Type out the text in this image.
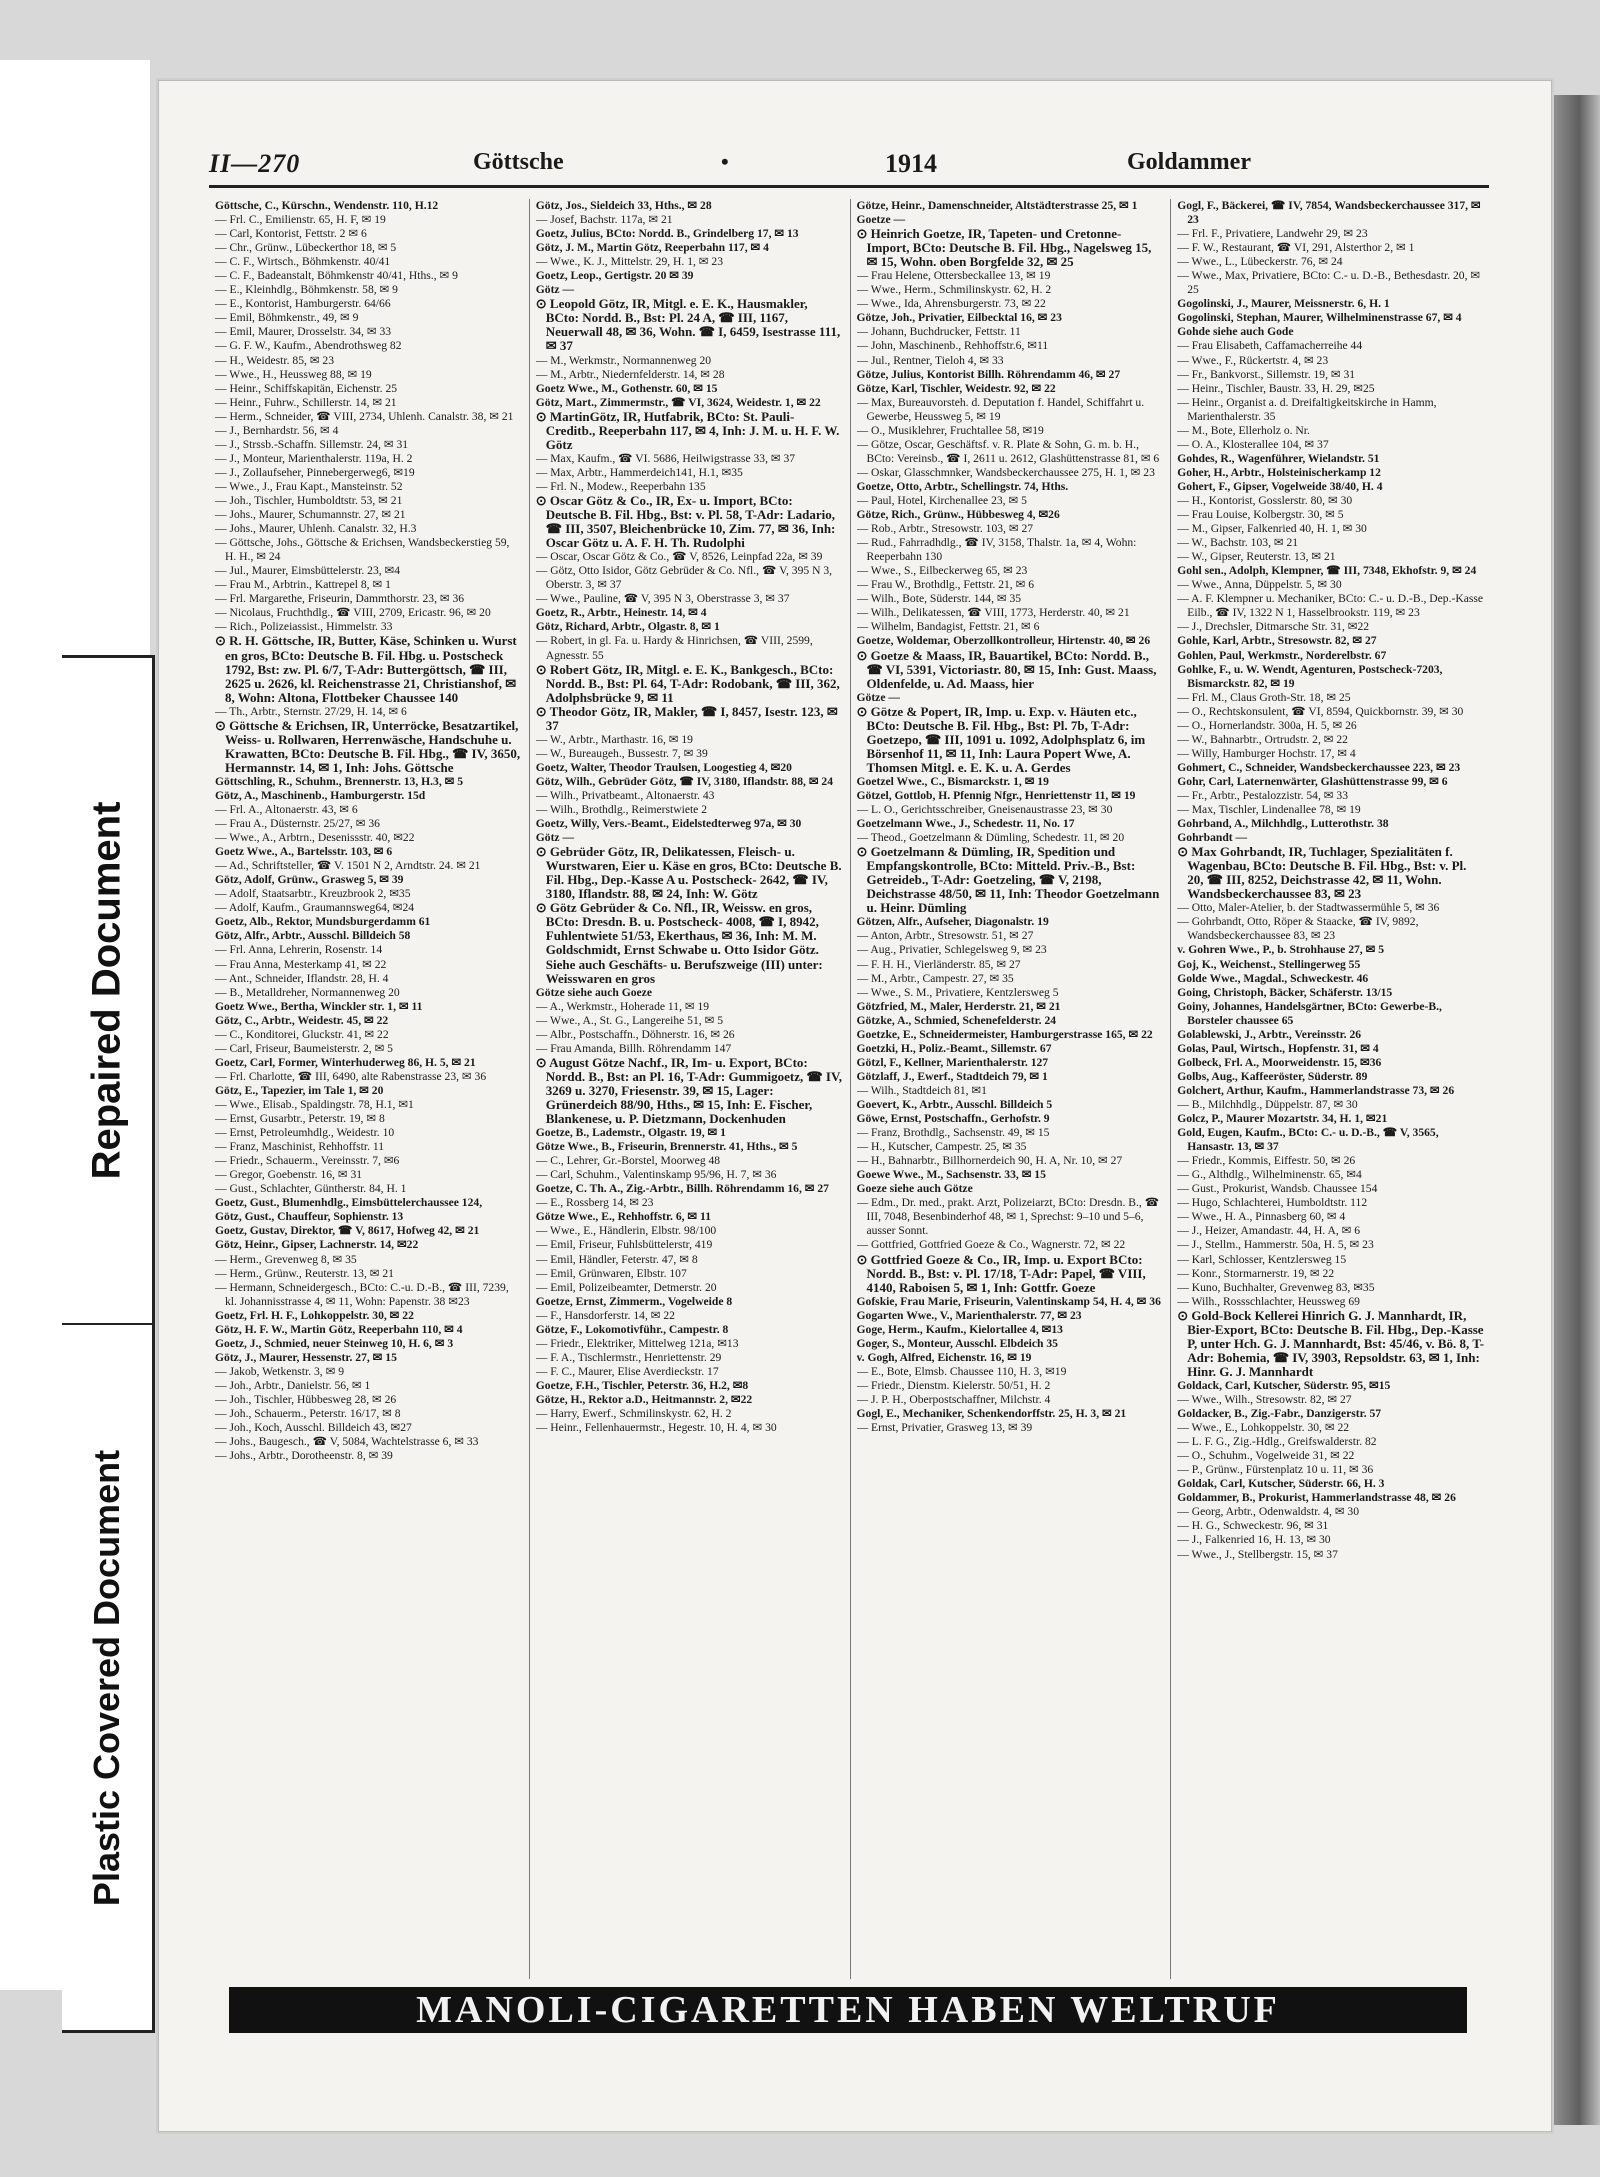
Repaired Document
Plastic Covered Document
II—270	Göttsche	•	1914	Goldammer

Göttsche, C., Kürschn., Wendenstr. 110, H.12

— Frl. C., Emilienstr. 65, H. F, ✉ 19

— Carl, Kontorist, Fettstr. 2 ✉ 6

— Chr., Grünw., Lübeckerthor 18, ✉ 5

— C. F., Wirtsch., Böhmkenstr. 40/41

— C. F., Badeanstalt, Böhmkenstr 40/41, Hths., ✉ 9

— E., Kleinhdlg., Böhmkenstr. 58, ✉ 9

— E., Kontorist, Hamburgerstr. 64/66

— Emil, Böhmkenstr., 49, ✉ 9

— Emil, Maurer, Drosselstr. 34, ✉ 33

— G. F. W., Kaufm., Abendrothsweg 82

— H., Weidestr. 85, ✉ 23

— Wwe., H., Heussweg 88, ✉ 19

— Heinr., Schiffskapitän, Eichenstr. 25

— Heinr., Fuhrw., Schillerstr. 14, ✉ 21

— Herm., Schneider, ☎ VIII, 2734, Uhlenh. Canalstr. 38, ✉ 21

— J., Bernhardstr. 56, ✉ 4

— J., Strssb.-Schaffn. Sillemstr. 24, ✉ 31

— J., Monteur, Marienthalerstr. 119a, H. 2

— J., Zollaufseher, Pinnebergerweg6, ✉19

— Wwe., J., Frau Kapt., Mansteinstr. 52

— Joh., Tischler, Humboldtstr. 53, ✉ 21

— Johs., Maurer, Schumannstr. 27, ✉ 21

— Johs., Maurer, Uhlenh. Canalstr. 32, H.3

— Göttsche, Johs., Göttsche & Erichsen, Wandsbeckerstieg 59, H. H., ✉ 24

— Jul., Maurer, Eimsbüttelerstr. 23, ✉4

— Frau M., Arbtrin., Kattrepel 8, ✉ 1

— Frl. Margarethe, Friseurin, Dammthorstr. 23, ✉ 36

— Nicolaus, Fruchthdlg., ☎ VIII, 2709, Ericastr. 96, ✉ 20

— Rich., Polizeiassist., Himmelstr. 33

⊙ R. H. Göttsche, IR, Butter, Käse, Schinken u. Wurst en gros, BCto: Deutsche B. Fil. Hbg. u. Postscheck 1792, Bst: zw. Pl. 6/7, T-Adr: Buttergöttsch, ☎ III, 2625 u. 2626, kl. Reichenstrasse 21, Christianshof, ✉ 8, Wohn: Altona, Flottbeker Chaussee 140

— Th., Arbtr., Sternstr. 27/29, H. 14, ✉ 6

⊙ Göttsche & Erichsen, IR, Unterröcke, Besatzartikel, Weiss- u. Rollwaren, Herrenwäsche, Handschuhe u. Krawatten, BCto: Deutsche B. Fil. Hbg., ☎ IV, 3650, Hermannstr. 14, ✉ 1, Inh: Johs. Göttsche

Göttschling, R., Schuhm., Brennerstr. 13, H.3, ✉ 5

Götz, A., Maschinenb., Hamburgerstr. 15d

— Frl. A., Altonaerstr. 43, ✉ 6

— Frau A., Düsternstr. 25/27, ✉ 36

— Wwe., A., Arbtrn., Desenissstr. 40, ✉22

Goetz Wwe., A., Bartelsstr. 103, ✉ 6

— Ad., Schriftsteller, ☎ V. 1501 N 2, Arndtstr. 24. ✉ 21

Götz, Adolf, Grünw., Grasweg 5, ✉ 39

— Adolf, Staatsarbtr., Kreuzbrook 2, ✉35

— Adolf, Kaufm., Graumannsweg64, ✉24

Goetz, Alb., Rektor, Mundsburgerdamm 61

Götz, Alfr., Arbtr., Ausschl. Billdeich 58

— Frl. Anna, Lehrerin, Rosenstr. 14

— Frau Anna, Mesterkamp 41, ✉ 22

— Ant., Schneider, Iflandstr. 28, H. 4

— B., Metalldreher, Normannenweg 20

Goetz Wwe., Bertha, Winckler str. 1, ✉ 11

Götz, C., Arbtr., Weidestr. 45, ✉ 22

— C., Konditorei, Gluckstr. 41, ✉ 22

— Carl, Friseur, Baumeisterstr. 2, ✉ 5

Goetz, Carl, Former, Winterhuderweg 86, H. 5, ✉ 21

— Frl. Charlotte, ☎ III, 6490, alte Rabenstrasse 23, ✉ 36

Götz, E., Tapezier, im Tale 1, ✉ 20

— Wwe., Elisab., Spaldingstr. 78, H.1, ✉1

— Ernst, Gusarbtr., Peterstr. 19, ✉ 8

— Ernst, Petroleumhdlg., Weidestr. 10

— Franz, Maschinist, Rehhoffstr. 11

— Friedr., Schauerm., Vereinsstr. 7, ✉6

— Gregor, Goebenstr. 16, ✉ 31

— Gust., Schlachter, Güntherstr. 84, H. 1

Goetz, Gust., Blumenhdlg., Eimsbüttelerchaussee 124,

Götz, Gust., Chauffeur, Sophienstr. 13

Goetz, Gustav, Direktor, ☎ V, 8617, Hofweg 42, ✉ 21

Götz, Heinr., Gipser, Lachnerstr. 14, ✉22

— Herm., Grevenweg 8, ✉ 35

— Herm., Grünw., Reuterstr. 13, ✉ 21

— Hermann, Schneidergesch., BCto: C.-u. D.-B., ☎ III, 7239, kl. Johannisstrasse 4, ✉ 11, Wohn: Papenstr. 38 ✉23

Goetz, Frl. H. F., Lohkoppelstr. 30, ✉ 22

Götz, H. F. W., Martin Götz, Reeperbahn 110, ✉ 4

Goetz, J., Schmied, neuer Steinweg 10, H. 6, ✉ 3

Götz, J., Maurer, Hessenstr. 27, ✉ 15

— Jakob, Wetkenstr. 3, ✉ 9

— Joh., Arbtr., Danielstr. 56, ✉ 1

— Joh., Tischler, Hübbesweg 28, ✉ 26

— Joh., Schauerm., Peterstr. 16/17, ✉ 8

— Joh., Koch, Ausschl. Billdeich 43, ✉27

— Johs., Baugesch., ☎ V, 5084, Wachtelstrasse 6, ✉ 33

— Johs., Arbtr., Dorotheenstr. 8, ✉ 39

Götz, Jos., Sieldeich 33, Hths., ✉ 28

— Josef, Bachstr. 117a, ✉ 21

Goetz, Julius, BCto: Nordd. B., Grindelberg 17, ✉ 13

Götz, J. M., Martin Götz, Reeperbahn 117, ✉ 4

— Wwe., K. J., Mittelstr. 29, H. 1, ✉ 23

Goetz, Leop., Gertigstr. 20 ✉ 39

Götz —

⊙ Leopold Götz, IR, Mitgl. e. E. K., Hausmakler, BCto: Nordd. B., Bst: Pl. 24 A, ☎ III, 1167, Neuerwall 48, ✉ 36, Wohn. ☎ I, 6459, Isestrasse 111, ✉ 37

— M., Werkmstr., Normannenweg 20

— M., Arbtr., Niedernfelderstr. 14, ✉ 28

Goetz Wwe., M., Gothenstr. 60, ✉ 15

Götz, Mart., Zimmermstr., ☎ VI, 3624, Weidestr. 1, ✉ 22

⊙ MartinGötz, IR, Hutfabrik, BCto: St. Pauli-Creditb., Reeperbahn 117, ✉ 4, Inh: J. M. u. H. F. W. Götz

— Max, Kaufm., ☎ VI. 5686, Heilwigstrasse 33, ✉ 37

— Max, Arbtr., Hammerdeich141, H.1, ✉35

— Frl. N., Modew., Reeperbahn 135

⊙ Oscar Götz & Co., IR, Ex- u. Import, BCto: Deutsche B. Fil. Hbg., Bst: v. Pl. 58, T-Adr: Ladario, ☎ III, 3507, Bleichenbrücke 10, Zim. 77, ✉ 36, Inh: Oscar Götz u. A. F. H. Th. Rudolphi

— Oscar, Oscar Götz & Co., ☎ V, 8526, Leinpfad 22a, ✉ 39

— Götz, Otto Isidor, Götz Gebrüder & Co. Nfl., ☎ V, 395 N 3, Oberstr. 3, ✉ 37

— Wwe., Pauline, ☎ V, 395 N 3, Oberstrasse 3, ✉ 37

Goetz, R., Arbtr., Heinestr. 14, ✉ 4

Götz, Richard, Arbtr., Olgastr. 8, ✉ 1

— Robert, in gl. Fa. u. Hardy & Hinrichsen, ☎ VIII, 2599, Agnesstr. 55

⊙ Robert Götz, IR, Mitgl. e. E. K., Bankgesch., BCto: Nordd. B., Bst: Pl. 64, T-Adr: Rodobank, ☎ III, 362, Adolphsbrücke 9, ✉ 11

⊙ Theodor Götz, IR, Makler, ☎ I, 8457, Isestr. 123, ✉ 37

— W., Arbtr., Marthastr. 16, ✉ 19

— W., Bureaugeh., Bussestr. 7, ✉ 39

Goetz, Walter, Theodor Traulsen, Loogestieg 4, ✉20

Götz, Wilh., Gebrüder Götz, ☎ IV, 3180, Iflandstr. 88, ✉ 24

— Wilh., Privatbeamt., Altonaerstr. 43

— Wilh., Brothdlg., Reimerstwiete 2

Goetz, Willy, Vers.-Beamt., Eidelstedterweg 97a, ✉ 30

Götz —

⊙ Gebrüder Götz, IR, Delikatessen, Fleisch- u. Wurstwaren, Eier u. Käse en gros, BCto: Deutsche B. Fil. Hbg., Dep.-Kasse A u. Postscheck- 2642, ☎ IV, 3180, Iflandstr. 88, ✉ 24, Inh: W. Götz

⊙ Götz Gebrüder & Co. Nfl., IR, Weissw. en gros, BCto: Dresdn. B. u. Postscheck- 4008, ☎ I, 8942, Fuhlentwiete 51/53, Ekerthaus, ✉ 36, Inh: M. M. Goldschmidt, Ernst Schwabe u. Otto Isidor Götz. Siehe auch Geschäfts- u. Berufszweige (III) unter: Weisswaren en gros

Götze siehe auch Goeze

— A., Werkmstr., Hoherade 11, ✉ 19

— Wwe., A., St. G., Langereihe 51, ✉ 5

— Albr., Postschaffn., Döhnerstr. 16, ✉ 26

— Frau Amanda, Billh. Röhrendamm 147

⊙ August Götze Nachf., IR, Im- u. Export, BCto: Nordd. B., Bst: an Pl. 16, T-Adr: Gummigoetz, ☎ IV, 3269 u. 3270, Friesenstr. 39, ✉ 15, Lager: Grünerdeich 88/90, Hths., ✉ 15, Inh: E. Fischer, Blankenese, u. P. Dietzmann, Dockenhuden

Goetze, B., Lademstr., Olgastr. 19, ✉ 1

Götze Wwe., B., Friseurin, Brennerstr. 41, Hths., ✉ 5

— C., Lehrer, Gr.-Borstel, Moorweg 48

— Carl, Schuhm., Valentinskamp 95/96, H. 7, ✉ 36

Goetze, C. Th. A., Zig.-Arbtr., Billh. Röhrendamm 16, ✉ 27

— E., Rossberg 14, ✉ 23

Götze Wwe., E., Rehhoffstr. 6, ✉ 11

— Wwe., E., Händlerin, Elbstr. 98/100

— Emil, Friseur, Fuhlsbüttelerstr, 419

— Emil, Händler, Feterstr. 47, ✉ 8

— Emil, Grünwaren, Elbstr. 107

— Emil, Polizeibeamter, Detmerstr. 20

Goetze, Ernst, Zimmerm., Vogelweide 8

— F., Hansdorferstr. 14, ✉ 22

Götze, F., Lokomotivführ., Campestr. 8

— Friedr., Elektriker, Mittelweg 121a, ✉13

— F. A., Tischlermstr., Henriettenstr. 29

— F. C., Maurer, Elise Averdieckstr. 17

Goetze, F.H., Tischler, Peterstr. 36, H.2, ✉8

Götze, H., Rektor a.D., Heitmannstr. 2, ✉22

— Harry, Ewerf., Schmilinskystr. 62, H. 2

— Heinr., Fellenhauermstr., Hegestr. 10, H. 4, ✉ 30

Götze, Heinr., Damenschneider, Altstädterstrasse 25, ✉ 1

Goetze —

⊙ Heinrich Goetze, IR, Tapeten- und Cretonne-Import, BCto: Deutsche B. Fil. Hbg., Nagelsweg 15, ✉ 15, Wohn. oben Borgfelde 32, ✉ 25

— Frau Helene, Ottersbeckallee 13, ✉ 19

— Wwe., Herm., Schmilinskystr. 62, H. 2

— Wwe., Ida, Ahrensburgerstr. 73, ✉ 22

Götze, Joh., Privatier, Eilbecktal 16, ✉ 23

— Johann, Buchdrucker, Fettstr. 11

— John, Maschinenb., Rehhoffstr.6, ✉11

— Jul., Rentner, Tieloh 4, ✉ 33

Götze, Julius, Kontorist Billh. Röhrendamm 46, ✉ 27

Götze, Karl, Tischler, Weidestr. 92, ✉ 22

— Max, Bureauvorsteh. d. Deputation f. Handel, Schiffahrt u. Gewerbe, Heussweg 5, ✉ 19

— O., Musiklehrer, Fruchtallee 58, ✉19

— Götze, Oscar, Geschäftsf. v. R. Plate & Sohn, G. m. b. H., BCto: Vereinsb., ☎ I, 2611 u. 2612, Glashüttenstrasse 81, ✉ 6

— Oskar, Glasschmnker, Wandsbeckerchaussee 275, H. 1, ✉ 23

Goetze, Otto, Arbtr., Schellingstr. 74, Hths.

— Paul, Hotel, Kirchenallee 23, ✉ 5

Götze, Rich., Grünw., Hübbesweg 4, ✉26

— Rob., Arbtr., Stresowstr. 103, ✉ 27

— Rud., Fahrradhdlg., ☎ IV, 3158, Thalstr. 1a, ✉ 4, Wohn: Reeperbahn 130

— Wwe., S., Eilbeckerweg 65, ✉ 23

— Frau W., Brothdlg., Fettstr. 21, ✉ 6

— Wilh., Bote, Süderstr. 144, ✉ 35

— Wilh., Delikatessen, ☎ VIII, 1773, Herderstr. 40, ✉ 21

— Wilhelm, Bandagist, Fettstr. 21, ✉ 6

Goetze, Woldemar, Oberzollkontrolleur, Hirtenstr. 40, ✉ 26

⊙ Goetze & Maass, IR, Bauartikel, BCto: Nordd. B., ☎ VI, 5391, Victoriastr. 80, ✉ 15, Inh: Gust. Maass, Oldenfelde, u. Ad. Maass, hier

Götze —

⊙ Götze & Popert, IR, Imp. u. Exp. v. Häuten etc., BCto: Deutsche B. Fil. Hbg., Bst: Pl. 7b, T-Adr: Goetzepo, ☎ III, 1091 u. 1092, Adolphsplatz 6, im Börsenhof 11, ✉ 11, Inh: Laura Popert Wwe, A. Thomsen Mitgl. e. E. K. u. A. Gerdes

Goetzel Wwe., C., Bismarckstr. 1, ✉ 19

Götzel, Gottlob, H. Pfennig Nfgr., Henriettenstr 11, ✉ 19

— L. O., Gerichtsschreiber, Gneisenaustrasse 23, ✉ 30

Goetzelmann Wwe., J., Schedestr. 11, No. 17

— Theod., Goetzelmann & Dümling, Schedestr. 11, ✉ 20

⊙ Goetzelmann & Dümling, IR, Spedition und Empfangskontrolle, BCto: Mitteld. Priv.-B., Bst: Getreideb., T-Adr: Goetzeling, ☎ V, 2198, Deichstrasse 48/50, ✉ 11, Inh: Theodor Goetzelmann u. Heinr. Dümling

Götzen, Alfr., Aufseher, Diagonalstr. 19

— Anton, Arbtr., Stresowstr. 51, ✉ 27

— Aug., Privatier, Schlegelsweg 9, ✉ 23

— F. H. H., Vierländerstr. 85, ✉ 27

— M., Arbtr., Campestr. 27, ✉ 35

— Wwe., S. M., Privatiere, Kentzlersweg 5

Götzfried, M., Maler, Herderstr. 21, ✉ 21

Götzke, A., Schmied, Schenefelderstr. 24

Goetzke, E., Schneidermeister, Hamburgerstrasse 165, ✉ 22

Goetzki, H., Poliz.-Beamt., Sillemstr. 67

Götzl, F., Kellner, Marienthalerstr. 127

Götzlaff, J., Ewerf., Stadtdeich 79, ✉ 1

— Wilh., Stadtdeich 81, ✉1

Goevert, K., Arbtr., Ausschl. Billdeich 5

Göwe, Ernst, Postschaffn., Gerhofstr. 9

— Franz, Brothdlg., Sachsenstr. 49, ✉ 15

— H., Kutscher, Campestr. 25, ✉ 35

— H., Bahnarbtr., Billhornerdeich 90, H. A, Nr. 10, ✉ 27

Goewe Wwe., M., Sachsenstr. 33, ✉ 15

Goeze siehe auch Götze

— Edm., Dr. med., prakt. Arzt, Polizeiarzt, BCto: Dresdn. B., ☎ III, 7048, Besenbinderhof 48, ✉ 1, Sprechst: 9–10 und 5–6, ausser Sonnt.

— Gottfried, Gottfried Goeze & Co., Wagnerstr. 72, ✉ 22

⊙ Gottfried Goeze & Co., IR, Imp. u. Export BCto: Nordd. B., Bst: v. Pl. 17/18, T-Adr: Papel, ☎ VIII, 4140, Raboisen 5, ✉ 1, Inh: Gottfr. Goeze

Gofskie, Frau Marie, Friseurin, Valentinskamp 54, H. 4, ✉ 36

Gogarten Wwe., V., Marienthalerstr. 77, ✉ 23

Goge, Herm., Kaufm., Kielortallee 4, ✉13

Goger, S., Monteur, Ausschl. Elbdeich 35

v. Gogh, Alfred, Eichenstr. 16, ✉ 19

— E., Bote, Elmsb. Chaussee 110, H. 3, ✉19

— Friedr., Dienstm. Kielerstr. 50/51, H. 2

— J. P. H., Oberpostschaffner, Milchstr. 4

Gogl, E., Mechaniker, Schenkendorffstr. 25, H. 3, ✉ 21

— Ernst, Privatier, Grasweg 13, ✉ 39

Gogl, F., Bäckerei, ☎ IV, 7854, Wandsbeckerchaussee 317, ✉ 23

— Frl. F., Privatiere, Landwehr 29, ✉ 23

— F. W., Restaurant, ☎ VI, 291, Alsterthor 2, ✉ 1

— Wwe., L., Lübeckerstr. 76, ✉ 24

— Wwe., Max, Privatiere, BCto: C.- u. D.-B., Bethesdastr. 20, ✉ 25

Gogolinski, J., Maurer, Meissnerstr. 6, H. 1

Gogolinski, Stephan, Maurer, Wilhelminenstrasse 67, ✉ 4

Gohde siehe auch Gode

— Frau Elisabeth, Caffamacherreihe 44

— Wwe., F., Rückertstr. 4, ✉ 23

— Fr., Bankvorst., Sillemstr. 19, ✉ 31

— Heinr., Tischler, Baustr. 33, H. 29, ✉25

— Heinr., Organist a. d. Dreifaltigkeitskirche in Hamm, Marienthalerstr. 35

— M., Bote, Ellerholz o. Nr.

— O. A., Klosterallee 104, ✉ 37

Gohdes, R., Wagenführer, Wielandstr. 51

Goher, H., Arbtr., Holsteinischerkamp 12

Gohert, F., Gipser, Vogelweide 38/40, H. 4

— H., Kontorist, Gosslerstr. 80, ✉ 30

— Frau Louise, Kolbergstr. 30, ✉ 5

— M., Gipser, Falkenried 40, H. 1, ✉ 30

— W., Bachstr. 103, ✉ 21

— W., Gipser, Reuterstr. 13, ✉ 21

Gohl sen., Adolph, Klempner, ☎ III, 7348, Ekhofstr. 9, ✉ 24

— Wwe., Anna, Düppelstr. 5, ✉ 30

— A. F. Klempner u. Mechaniker, BCto: C.- u. D.-B., Dep.-Kasse Eilb., ☎ IV, 1322 N 1, Hasselbrookstr. 119, ✉ 23

— J., Drechsler, Ditmarsche Str. 31, ✉22

Gohle, Karl, Arbtr., Stresowstr. 82, ✉ 27

Gohlen, Paul, Werkmstr., Norderelbstr. 67

Gohlke, F., u. W. Wendt, Agenturen, Postscheck-7203, Bismarckstr. 82, ✉ 19

— Frl. M., Claus Groth-Str. 18, ✉ 25

— O., Rechtskonsulent, ☎ VI, 8594, Quickbornstr. 39, ✉ 30

— O., Hornerlandstr. 300a, H. 5, ✉ 26

— W., Bahnarbtr., Ortrudstr. 2, ✉ 22

— Willy, Hamburger Hochstr. 17, ✉ 4

Gohmert, C., Schneider, Wandsbeckerchaussee 223, ✉ 23

Gohr, Carl, Laternenwärter, Glashüttenstrasse 99, ✉ 6

— Fr., Arbtr., Pestalozzistr. 54, ✉ 33

— Max, Tischler, Lindenallee 78, ✉ 19

Gohrband, A., Milchhdlg., Lutterothstr. 38

Gohrbandt —

⊙ Max Gohrbandt, IR, Tuchlager, Spezialitäten f. Wagenbau, BCto: Deutsche B. Fil. Hbg., Bst: v. Pl. 20, ☎ III, 8252, Deichstrasse 42, ✉ 11, Wohn. Wandsbeckerchaussee 83, ✉ 23

— Otto, Maler-Atelier, b. der Stadtwassermühle 5, ✉ 36

— Gohrbandt, Otto, Röper & Staacke, ☎ IV, 9892, Wandsbeckerchaussee 83, ✉ 23

v. Gohren Wwe., P., b. Strohhause 27, ✉ 5

Goj, K., Weichenst., Stellingerweg 55

Golde Wwe., Magdal., Schweckestr. 46

Going, Christoph, Bäcker, Schäferstr. 13/15

Goiny, Johannes, Handelsgärtner, BCto: Gewerbe-B., Borsteler chaussee 65

Golablewski, J., Arbtr., Vereinsstr. 26

Golas, Paul, Wirtsch., Hopfenstr. 31, ✉ 4

Golbeck, Frl. A., Moorweidenstr. 15, ✉36

Golbs, Aug., Kaffeeröster, Süderstr. 89

Golchert, Arthur, Kaufm., Hammerlandstrasse 73, ✉ 26

— B., Milchhdlg., Düppelstr. 87, ✉ 30

Golcz, P., Maurer Mozartstr. 34, H. 1, ✉21

Gold, Eugen, Kaufm., BCto: C.- u. D.-B., ☎ V, 3565, Hansastr. 13, ✉ 37

— Friedr., Kommis, Eiffestr. 50, ✉ 26

— G., Althdlg., Wilhelminenstr. 65, ✉4

— Gust., Prokurist, Wandsb. Chaussee 154

— Hugo, Schlachterei, Humboldtstr. 112

— Wwe., H. A., Pinnasberg 60, ✉ 4

— J., Heizer, Amandastr. 44, H. A, ✉ 6

— J., Stellm., Hammerstr. 50a, H. 5, ✉ 23

— Karl, Schlosser, Kentzlersweg 15

— Konr., Stormarnerstr. 19, ✉ 22

— Kuno, Buchhalter, Grevenweg 83, ✉35

— Wilh., Rossschlachter, Heussweg 69

⊙ Gold-Bock Kellerei Hinrich G. J. Mannhardt, IR, Bier-Export, BCto: Deutsche B. Fil. Hbg., Dep.-Kasse P, unter Hch. G. J. Mannhardt, Bst: 45/46, v. Bö. 8, T-Adr: Bohemia, ☎ IV, 3903, Repsoldstr. 63, ✉ 1, Inh: Hinr. G. J. Mannhardt

Goldack, Carl, Kutscher, Süderstr. 95, ✉15

— Wwe., Wilh., Stresowstr. 82, ✉ 27

Goldacker, B., Zig.-Fabr., Danzigerstr. 57

— Wwe., E., Lohkoppelstr. 30, ✉ 22

— L. F. G., Zig.-Hdlg., Greifswalderstr. 82

— O., Schuhm., Vogelweide 31, ✉ 22

— P., Grünw., Fürstenplatz 10 u. 11, ✉ 36

Goldak, Carl, Kutscher, Süderstr. 66, H. 3

Goldammer, B., Prokurist, Hammerlandstrasse 48, ✉ 26

— Georg, Arbtr., Odenwaldstr. 4, ✉ 30

— H. G., Schweckestr. 96, ✉ 31

— J., Falkenried 16, H. 13, ✉ 30

— Wwe., J., Stellbergstr. 15, ✉ 37

MANOLI-CIGARETTEN HABEN WELTRUF
